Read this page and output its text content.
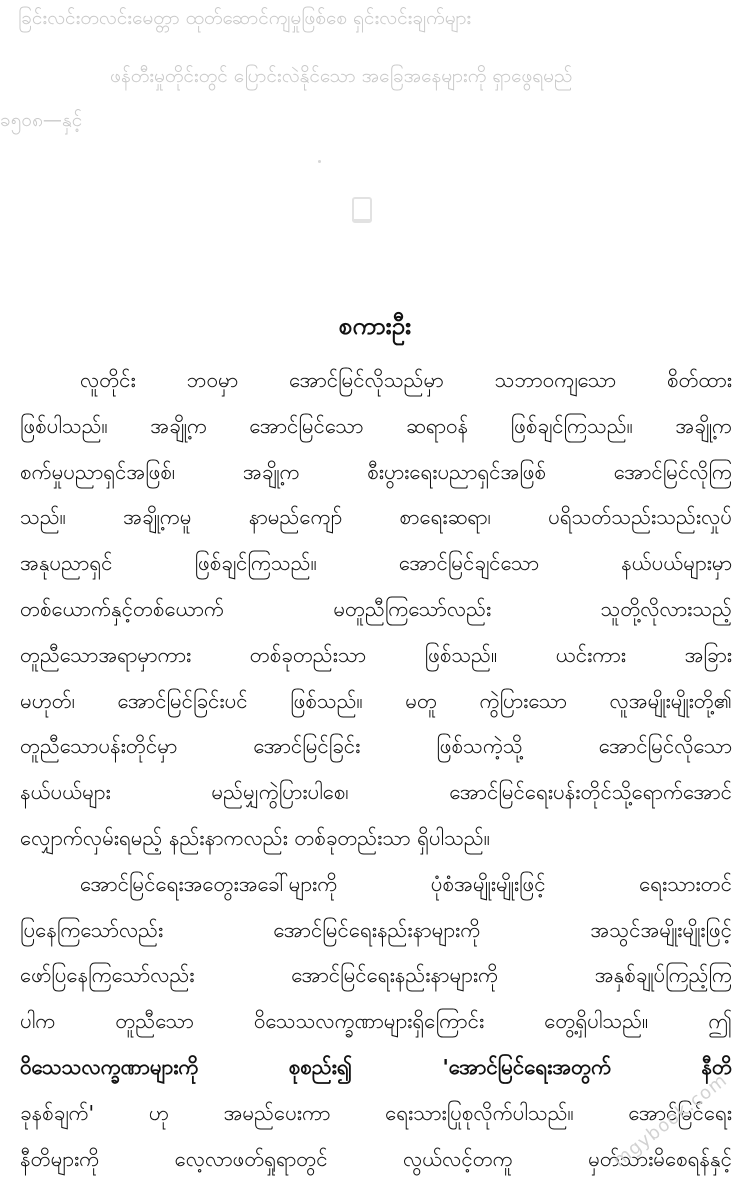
ခြင်းလင်းတလင်းမေတ္တာ ထုတ်ဆောင်ကျမှုဖြစ်စေ ရှင်းလင်းချက်များ
ဖန်တီးမှုတိုင်းတွင် ပြောင်းလဲနိုင်သော အခြေအနေများကို ရှာဖွေရမည်
ခ၅၀၈—နှင့်
စကားဦး
လူတိုင်း ဘဝမှာ အောင်မြင်လိုသည်မှာ သဘာဝကျသော စိတ်ထား
ဖြစ်ပါသည်။ အချို့က အောင်မြင်သော ဆရာဝန် ဖြစ်ချင်ကြသည်။ အချို့က
စက်မှုပညာရှင်အဖြစ်၊ အချို့က စီးပွားရေးပညာရှင်အဖြစ် အောင်မြင်လိုကြ
သည်။ အချို့ကမူ နာမည်ကျော် စာရေးဆရာ၊ ပရိသတ်သည်းသည်းလှုပ်
အနုပညာရှင် ဖြစ်ချင်ကြသည်။ အောင်မြင်ချင်သော နယ်ပယ်များမှာ
တစ်ယောက်နှင့်တစ်ယောက် မတူညီကြသော်လည်း သူတို့လိုလားသည့်
တူညီသောအရာမှာကား တစ်ခုတည်းသာ ဖြစ်သည်။ ယင်းကား အခြား
မဟုတ်၊ အောင်မြင်ခြင်းပင် ဖြစ်သည်။ မတူ ကွဲပြားသော လူအမျိုးမျိုးတို့၏
တူညီသောပန်းတိုင်မှာ အောင်မြင်ခြင်း ဖြစ်သကဲ့သို့ အောင်မြင်လိုသော
နယ်ပယ်များ မည်မျှကွဲပြားပါစေ၊ အောင်မြင်ရေးပန်းတိုင်သို့ရောက်အောင်
လျှောက်လှမ်းရမည့် နည်းနာကလည်း တစ်ခုတည်းသာ ရှိပါသည်။
အောင်မြင်ရေးအတွေးအခေါ်များကို ပုံစံအမျိုးမျိုးဖြင့် ရေးသားတင်
ပြနေကြသော်လည်း အောင်မြင်ရေးနည်းနာများကို အသွင်အမျိုးမျိုးဖြင့်
ဖော်ပြနေကြသော်လည်း အောင်မြင်ရေးနည်းနာများကို အနှစ်ချုပ်ကြည့်ကြ
ပါက တူညီသော ဝိသေသလက္ခဏာများရှိကြောင်း တွေ့ရှိပါသည်။ ဤ
ဝိသေသလက္ခဏာများကို စုစည်း၍ 'အောင်မြင်ရေးအတွက် နီတိ
ခုနစ်ချက်' ဟု အမည်ပေးကာ ရေးသားပြုစုလိုက်ပါသည်။ အောင်မြင်ရေး
နီတိများကို လေ့လာဖတ်ရှုရာတွင် လွယ်လင့်တကူ မှတ်သားမိစေရန်နှင့်
mgybook.com
